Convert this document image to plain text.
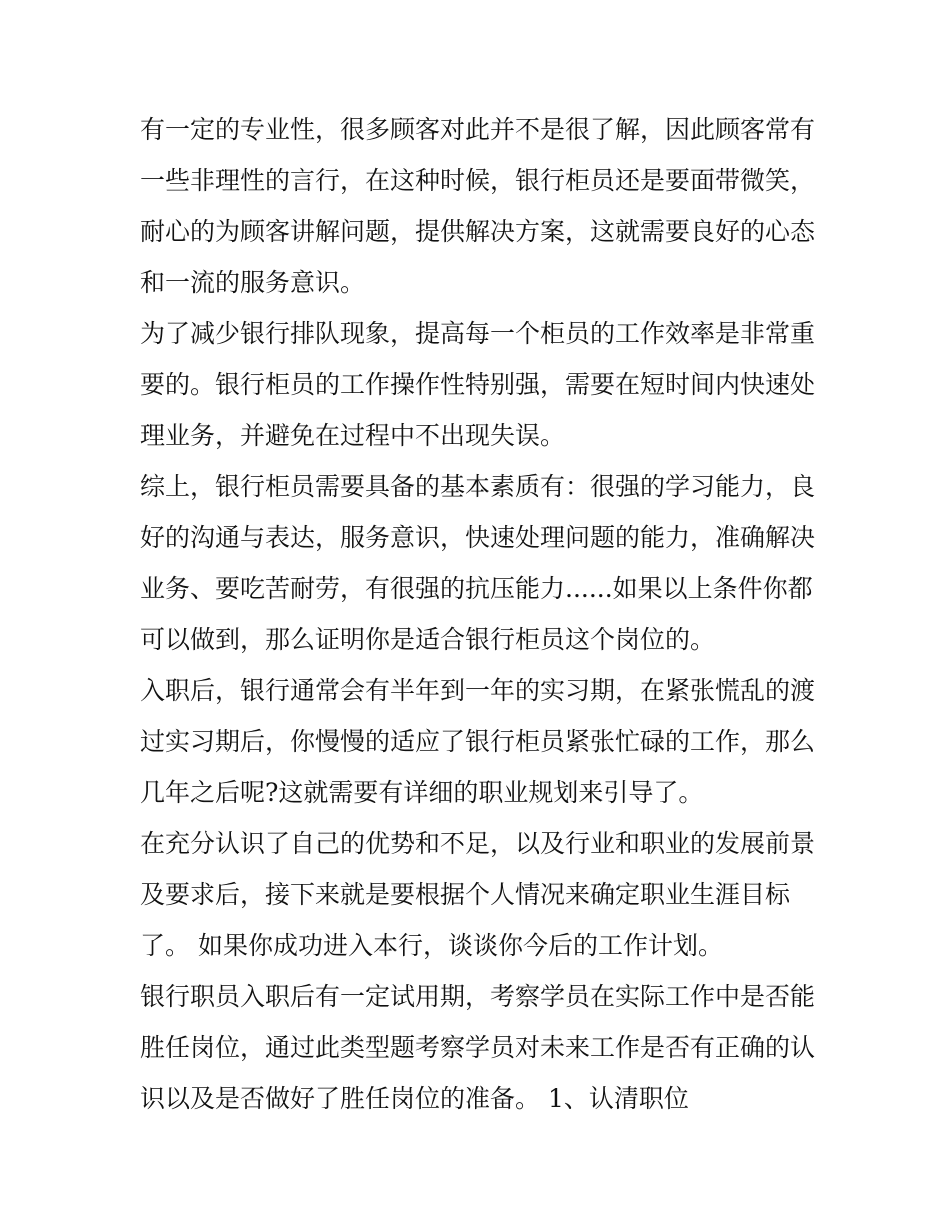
有一定的专业性，很多顾客对此并不是很了解，因此顾客常有
一些非理性的言行，在这种时候，银行柜员还是要面带微笑，
耐心的为顾客讲解问题，提供解决方案，这就需要良好的心态
和一流的服务意识。
为了减少银行排队现象，提高每一个柜员的工作效率是非常重
要的。银行柜员的工作操作性特别强，需要在短时间内快速处
理业务，并避免在过程中不出现失误。
综上，银行柜员需要具备的基本素质有：很强的学习能力，良
好的沟通与表达，服务意识，快速处理问题的能力，准确解决
业务、要吃苦耐劳，有很强的抗压能力......如果以上条件你都
可以做到，那么证明你是适合银行柜员这个岗位的。
入职后，银行通常会有半年到一年的实习期，在紧张慌乱的渡
过实习期后，你慢慢的适应了银行柜员紧张忙碌的工作，那么
几年之后呢?这就需要有详细的职业规划来引导了。
在充分认识了自己的优势和不足，以及行业和职业的发展前景
及要求后，接下来就是要根据个人情况来确定职业生涯目标
了。 如果你成功进入本行，谈谈你今后的工作计划。
银行职员入职后有一定试用期，考察学员在实际工作中是否能
胜任岗位，通过此类型题考察学员对未来工作是否有正确的认
识以及是否做好了胜任岗位的准备。 1、认清职位
